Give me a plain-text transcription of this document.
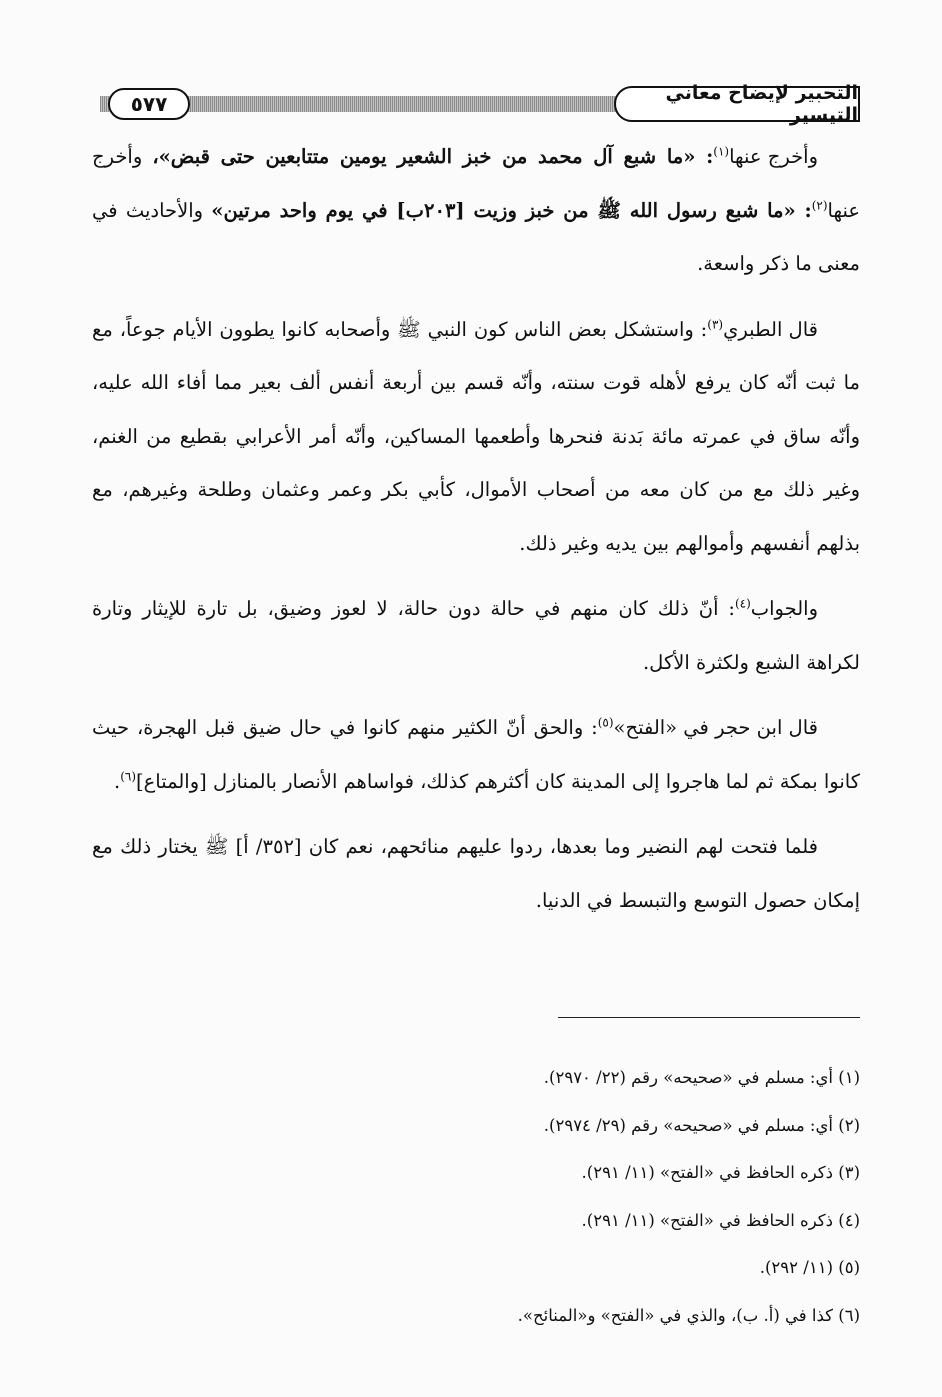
٥٧٧	التحبير لإيضاح معاني التيسير

وأخرج عنها$^{(١)}$: «ما شبع آل محمد من خبز الشعير يومين متتابعين حتى قبض»، وأخرج عنها$^{(٢)}$: «ما شبع رسول الله ﷺ من خبز وزيت [٢٠٣ب] في يوم واحد مرتين» والأحاديث في معنى ما ذكر واسعة.

قال الطبري$^{(٣)}$: واستشكل بعض الناس كون النبي ﷺ وأصحابه كانوا يطوون الأيام جوعاً، مع ما ثبت أنّه كان يرفع لأهله قوت سنته، وأنّه قسم بين أربعة أنفس ألف بعير مما أفاء الله عليه، وأنّه ساق في عمرته مائة بَدنة فنحرها وأطعمها المساكين، وأنّه أمر الأعرابي بقطيع من الغنم، وغير ذلك مع من كان معه من أصحاب الأموال، كأبي بكر وعمر وعثمان وطلحة وغيرهم، مع بذلهم أنفسهم وأموالهم بين يديه وغير ذلك.

والجواب$^{(٤)}$: أنّ ذلك كان منهم في حالة دون حالة، لا لعوز وضيق، بل تارة للإيثار وتارة لكراهة الشبع ولكثرة الأكل.

قال ابن حجر في «الفتح»$^{(٥)}$: والحق أنّ الكثير منهم كانوا في حال ضيق قبل الهجرة، حيث كانوا بمكة ثم لما هاجروا إلى المدينة كان أكثرهم كذلك، فواساهم الأنصار بالمنازل [والمتاع]$^{(٦)}$.

فلما فتحت لهم النضير وما بعدها، ردوا عليهم منائحهم، نعم كان [٣٥٢/ أ] ﷺ يختار ذلك مع إمكان حصول التوسع والتبسط في الدنيا.

(١) أي: مسلم في «صحيحه» رقم (٢٢/ ٢٩٧٠).
(٢) أي: مسلم في «صحيحه» رقم (٢٩/ ٢٩٧٤).
(٣) ذكره الحافظ في «الفتح» (١١/ ٢٩١).
(٤) ذكره الحافظ في «الفتح» (١١/ ٢٩١).
(٥) (١١/ ٢٩٢).
(٦) كذا في (أ. ب)، والذي في «الفتح» و«المنائح».
